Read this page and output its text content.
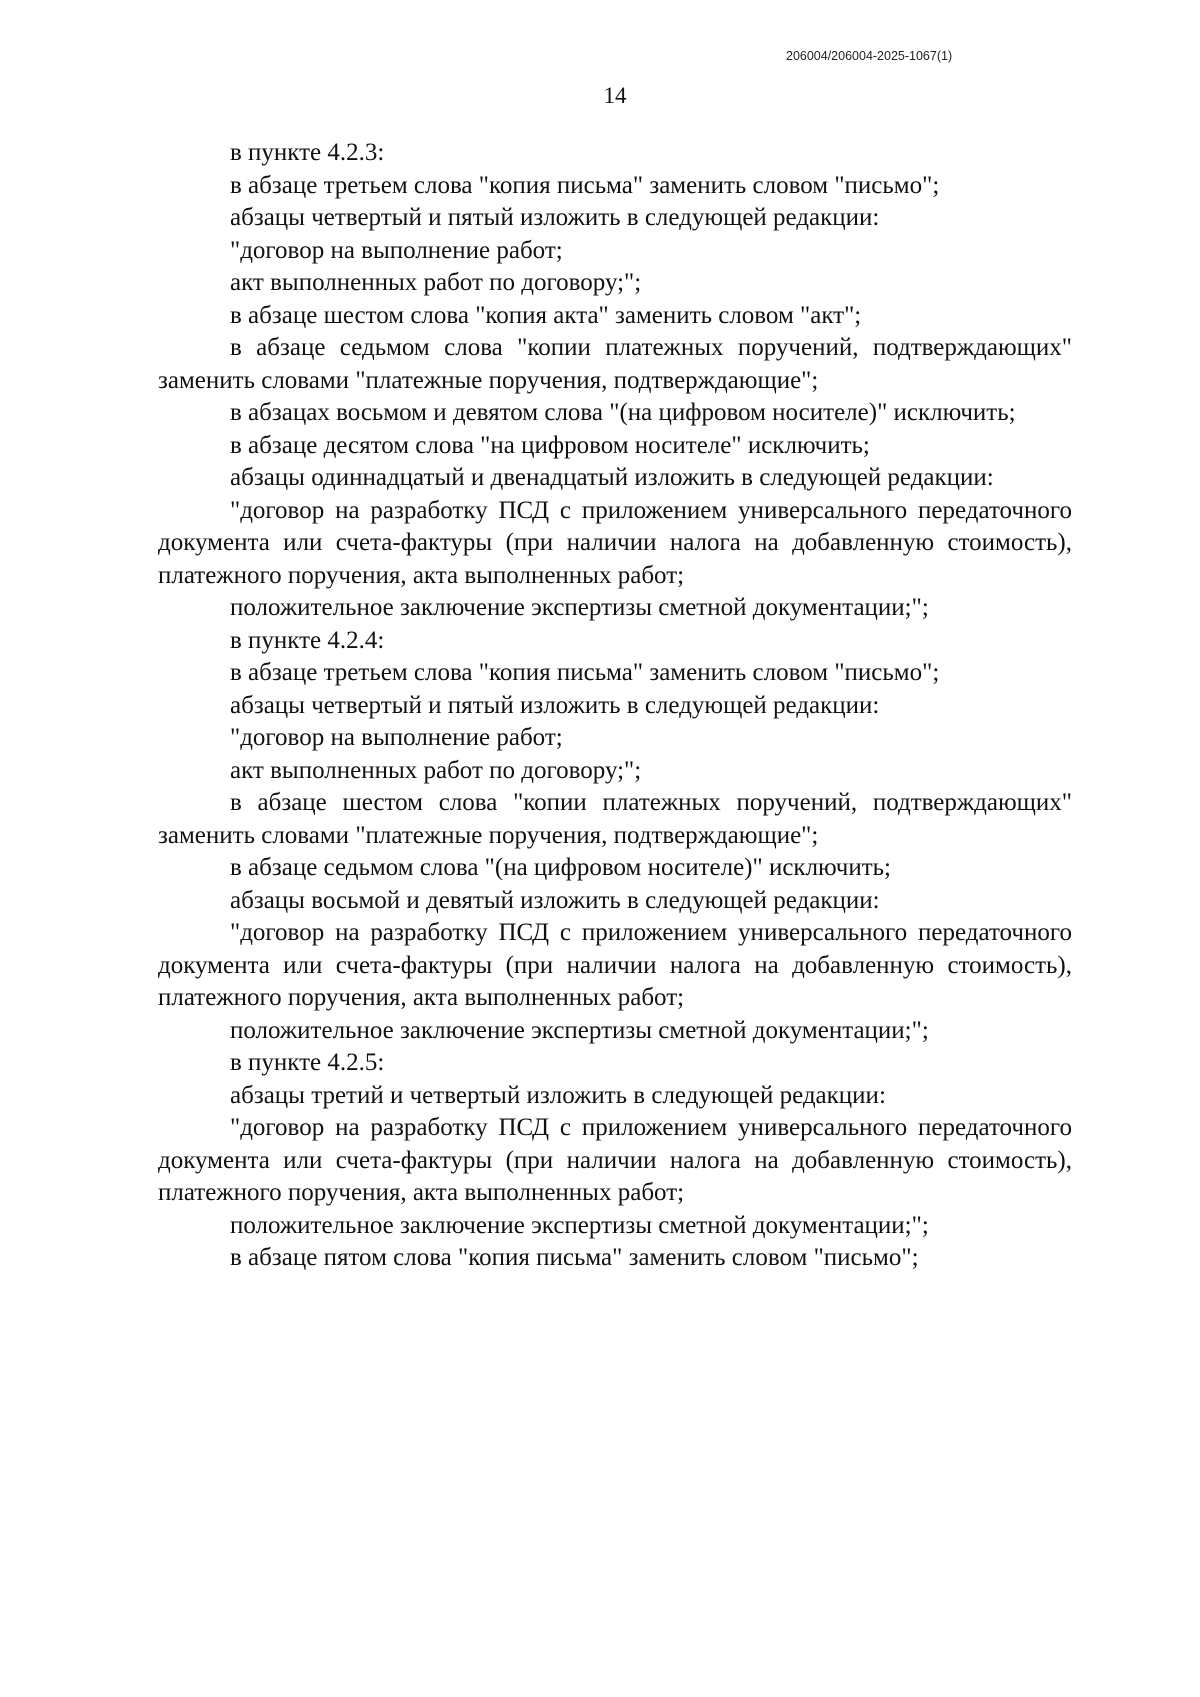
206004/206004-2025-1067(1)
14

в пункте 4.2.3:

в абзаце третьем слова "копия письма" заменить словом "письмо";

абзацы четвертый и пятый изложить в следующей редакции:

"договор на выполнение работ;

акт выполненных работ по договору;";

в абзаце шестом слова "копия акта" заменить словом "акт";

в абзаце седьмом слова "копии платежных поручений, подтверждающих" заменить словами "платежные поручения, подтверждающие";

в абзацах восьмом и девятом слова "(на цифровом носителе)" исключить;

в абзаце десятом слова "на цифровом носителе" исключить;

абзацы одиннадцатый и двенадцатый изложить в следующей редакции:

"договор на разработку ПСД с приложением универсального передаточного документа или счета-фактуры (при наличии налога на добавленную стоимость), платежного поручения, акта выполненных работ;

положительное заключение экспертизы сметной документации;";

в пункте 4.2.4:

в абзаце третьем слова "копия письма" заменить словом "письмо";

абзацы четвертый и пятый изложить в следующей редакции:

"договор на выполнение работ;

акт выполненных работ по договору;";

в абзаце шестом слова "копии платежных поручений, подтверждающих" заменить словами "платежные поручения, подтверждающие";

в абзаце седьмом слова "(на цифровом носителе)" исключить;

абзацы восьмой и девятый изложить в следующей редакции:

"договор на разработку ПСД с приложением универсального передаточного документа или счета-фактуры (при наличии налога на добавленную стоимость), платежного поручения, акта выполненных работ;

положительное заключение экспертизы сметной документации;";

в пункте 4.2.5:

абзацы третий и четвертый изложить в следующей редакции:

"договор на разработку ПСД с приложением универсального передаточного документа или счета-фактуры (при наличии налога на добавленную стоимость), платежного поручения, акта выполненных работ;

положительное заключение экспертизы сметной документации;";

в абзаце пятом слова "копия письма" заменить словом "письмо";
